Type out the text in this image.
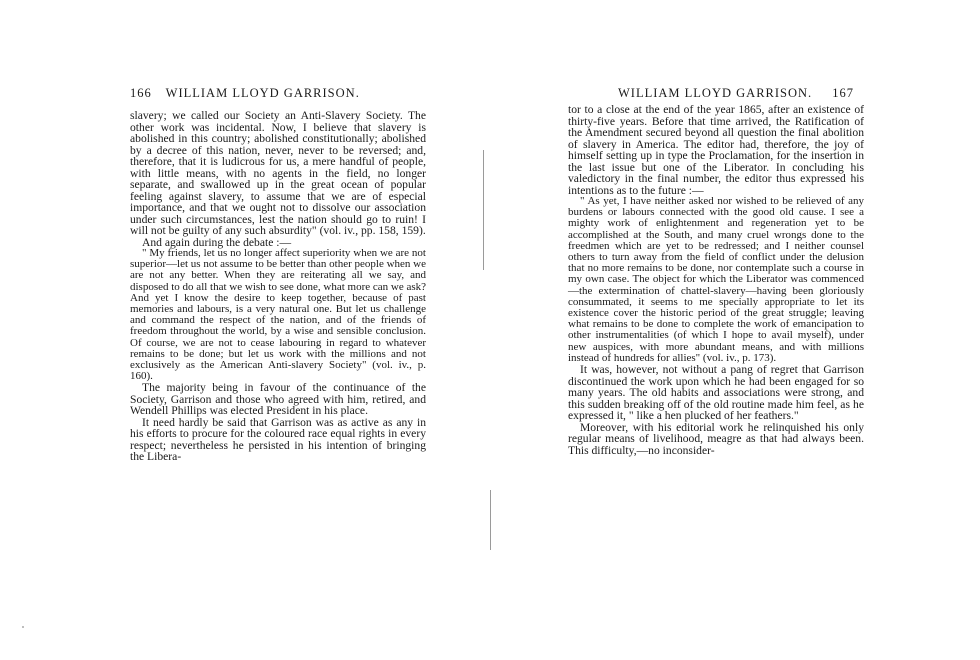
166 WILLIAM LLOYD GARRISON.

slavery; we called our Society an Anti-Slavery Society. The other work was incidental. Now, I believe that slavery is abolished in this country; abolished constitutionally; abolished by a decree of this nation, never, never to be reversed; and, therefore, that it is ludicrous for us, a mere handful of people, with little means, with no agents in the field, no longer separate, and swallowed up in the great ocean of popular feeling against slavery, to assume that we are of especial importance, and that we ought not to dissolve our association under such circumstances, lest the nation should go to ruin! I will not be guilty of any such absurdity" (vol. iv., pp. 158, 159).

And again during the debate :—

" My friends, let us no longer affect superiority when we are not superior—let us not assume to be better than other people when we are not any better. When they are reiterating all we say, and disposed to do all that we wish to see done, what more can we ask? And yet I know the desire to keep together, because of past memories and labours, is a very natural one. But let us challenge and command the respect of the nation, and of the friends of freedom throughout the world, by a wise and sensible conclusion. Of course, we are not to cease labouring in regard to whatever remains to be done; but let us work with the millions and not exclusively as the American Anti-slavery Society" (vol. iv., p. 160).

The majority being in favour of the continuance of the Society, Garrison and those who agreed with him, retired, and Wendell Phillips was elected President in his place.

It need hardly be said that Garrison was as active as any in his efforts to procure for the coloured race equal rights in every respect; nevertheless he persisted in his intention of bringing the Libera-

WILLIAM LLOYD GARRISON. 167

tor to a close at the end of the year 1865, after an existence of thirty-five years. Before that time arrived, the Ratification of the Amendment secured beyond all question the final abolition of slavery in America. The editor had, therefore, the joy of himself setting up in type the Proclamation, for the insertion in the last issue but one of the Liberator. In concluding his valedictory in the final number, the editor thus expressed his intentions as to the future :—

" As yet, I have neither asked nor wished to be relieved of any burdens or labours connected with the good old cause. I see a mighty work of enlightenment and regeneration yet to be accomplished at the South, and many cruel wrongs done to the freedmen which are yet to be redressed; and I neither counsel others to turn away from the field of conflict under the delusion that no more remains to be done, nor contemplate such a course in my own case. The object for which the Liberator was commenced—the extermination of chattel-slavery—having been gloriously consummated, it seems to me specially appropriate to let its existence cover the historic period of the great struggle; leaving what remains to be done to complete the work of emancipation to other instrumentalities (of which I hope to avail myself), under new auspices, with more abundant means, and with millions instead of hundreds for allies" (vol. iv., p. 173).

It was, however, not without a pang of regret that Garrison discontinued the work upon which he had been engaged for so many years. The old habits and associations were strong, and this sudden breaking off of the old routine made him feel, as he expressed it, " like a hen plucked of her feathers."

Moreover, with his editorial work he relinquished his only regular means of livelihood, meagre as that had always been. This difficulty,—no inconsider-
